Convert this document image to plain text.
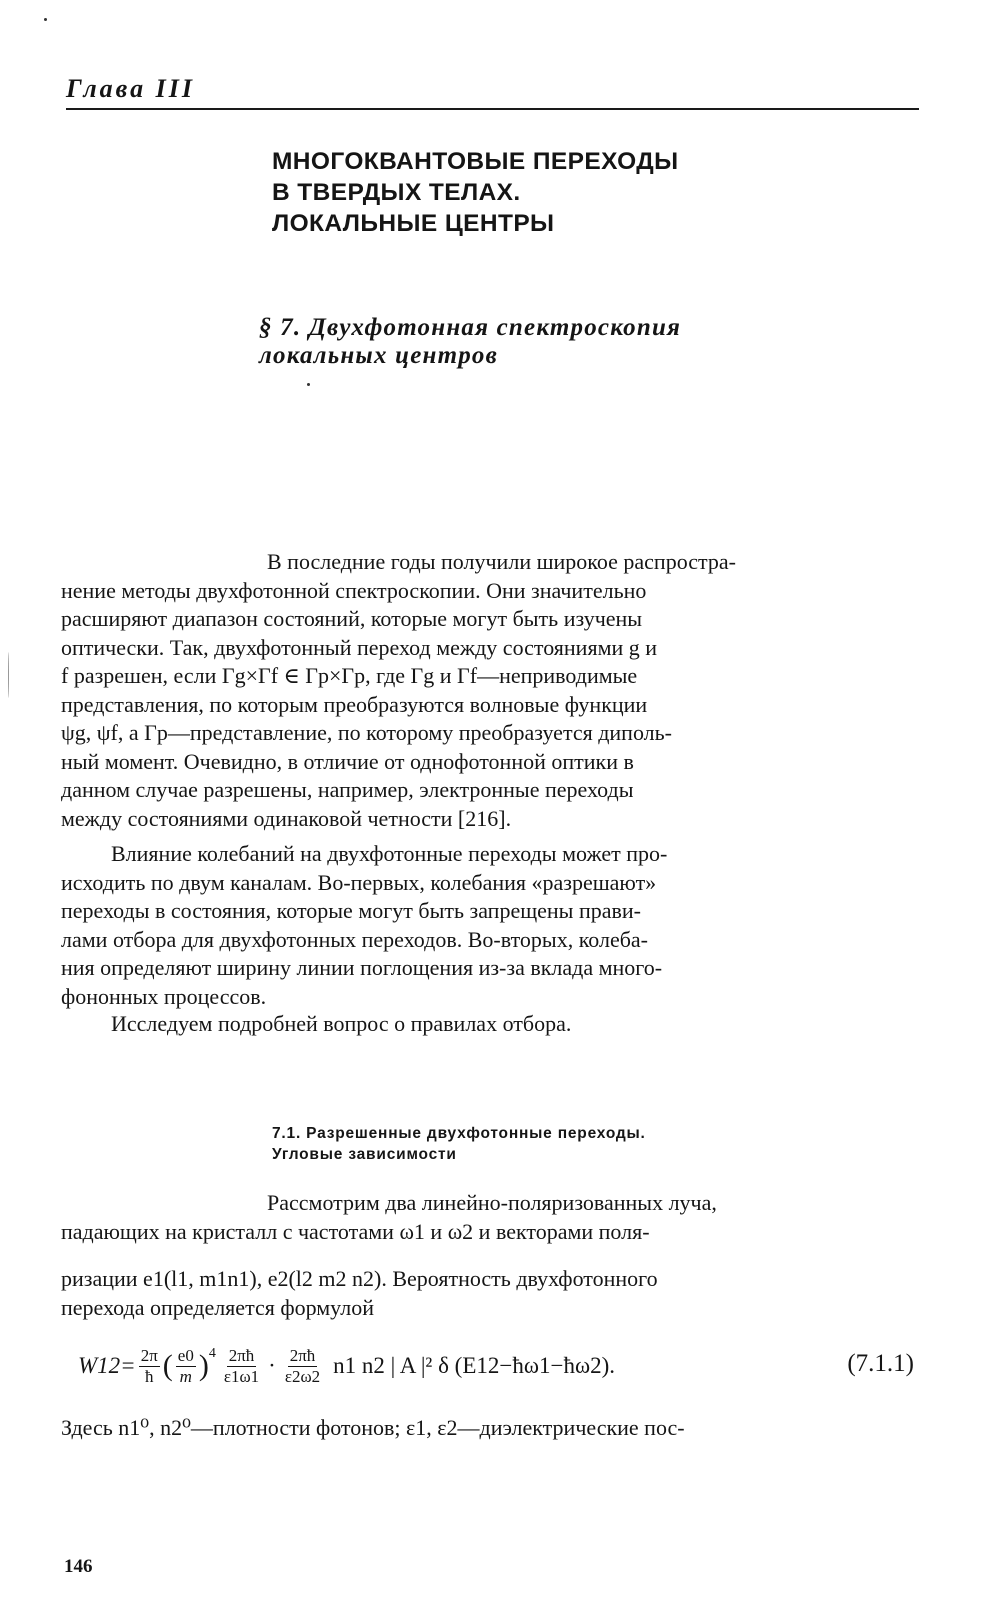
Глава III
МНОГОКВАНТОВЫЕ ПЕРЕХОДЫ
В ТВЕРДЫХ ТЕЛАХ.
ЛОКАЛЬНЫЕ ЦЕНТРЫ
§ 7. Двухфотонная спектроскопия
локальных центров
В последние годы получили широкое распростра-
нение методы двухфотонной спектроскопии. Они значительно
расширяют диапазон состояний, которые могут быть изучены
оптически. Так, двухфотонный переход между состояниями g и
f разрешен, если Γg×Γf ∈ Γp×Γp, где Γg и Γf—неприводимые
представления, по которым преобразуются волновые функции
ψg, ψf, а Γp—представление, по которому преобразуется диполь-
ный момент. Очевидно, в отличие от однофотонной оптики в
данном случае разрешены, например, электронные переходы
между состояниями одинаковой четности [216].
Влияние колебаний на двухфотонные переходы может про-
исходить по двум каналам. Во-первых, колебания «разрешают»
переходы в состояния, которые могут быть запрещены прави-
лами отбора для двухфотонных переходов. Во-вторых, колеба-
ния определяют ширину линии поглощения из-за вклада много-
фононных процессов.
Исследуем подробней вопрос о правилах отбора.
7.1. Разрешенные двухфотонные переходы.
Угловые зависимости
Рассмотрим два линейно-поляризованных луча,
падающих на кристалл с частотами ω1 и ω2 и векторами поля-
ризации e1(l1, m1n1), e2(l2 m2 n2). Вероятность двухфотонного
перехода определяется формулой
$W12= \frac{2\pi}{ħ}$ ( $\frac{e0}{m} )^4 \frac{2\pi ħ}{\varepsilon 1\omega 1} \cdot \frac{2\pi ħ}{\varepsilon 2\omega 2} n1$ n2 | A |² δ (E12−ħω1−ħω2).	(7.1.1)
Здесь n1⁰, n2⁰—плотности фотонов; ε1, ε2—диэлектрические пос-
146
